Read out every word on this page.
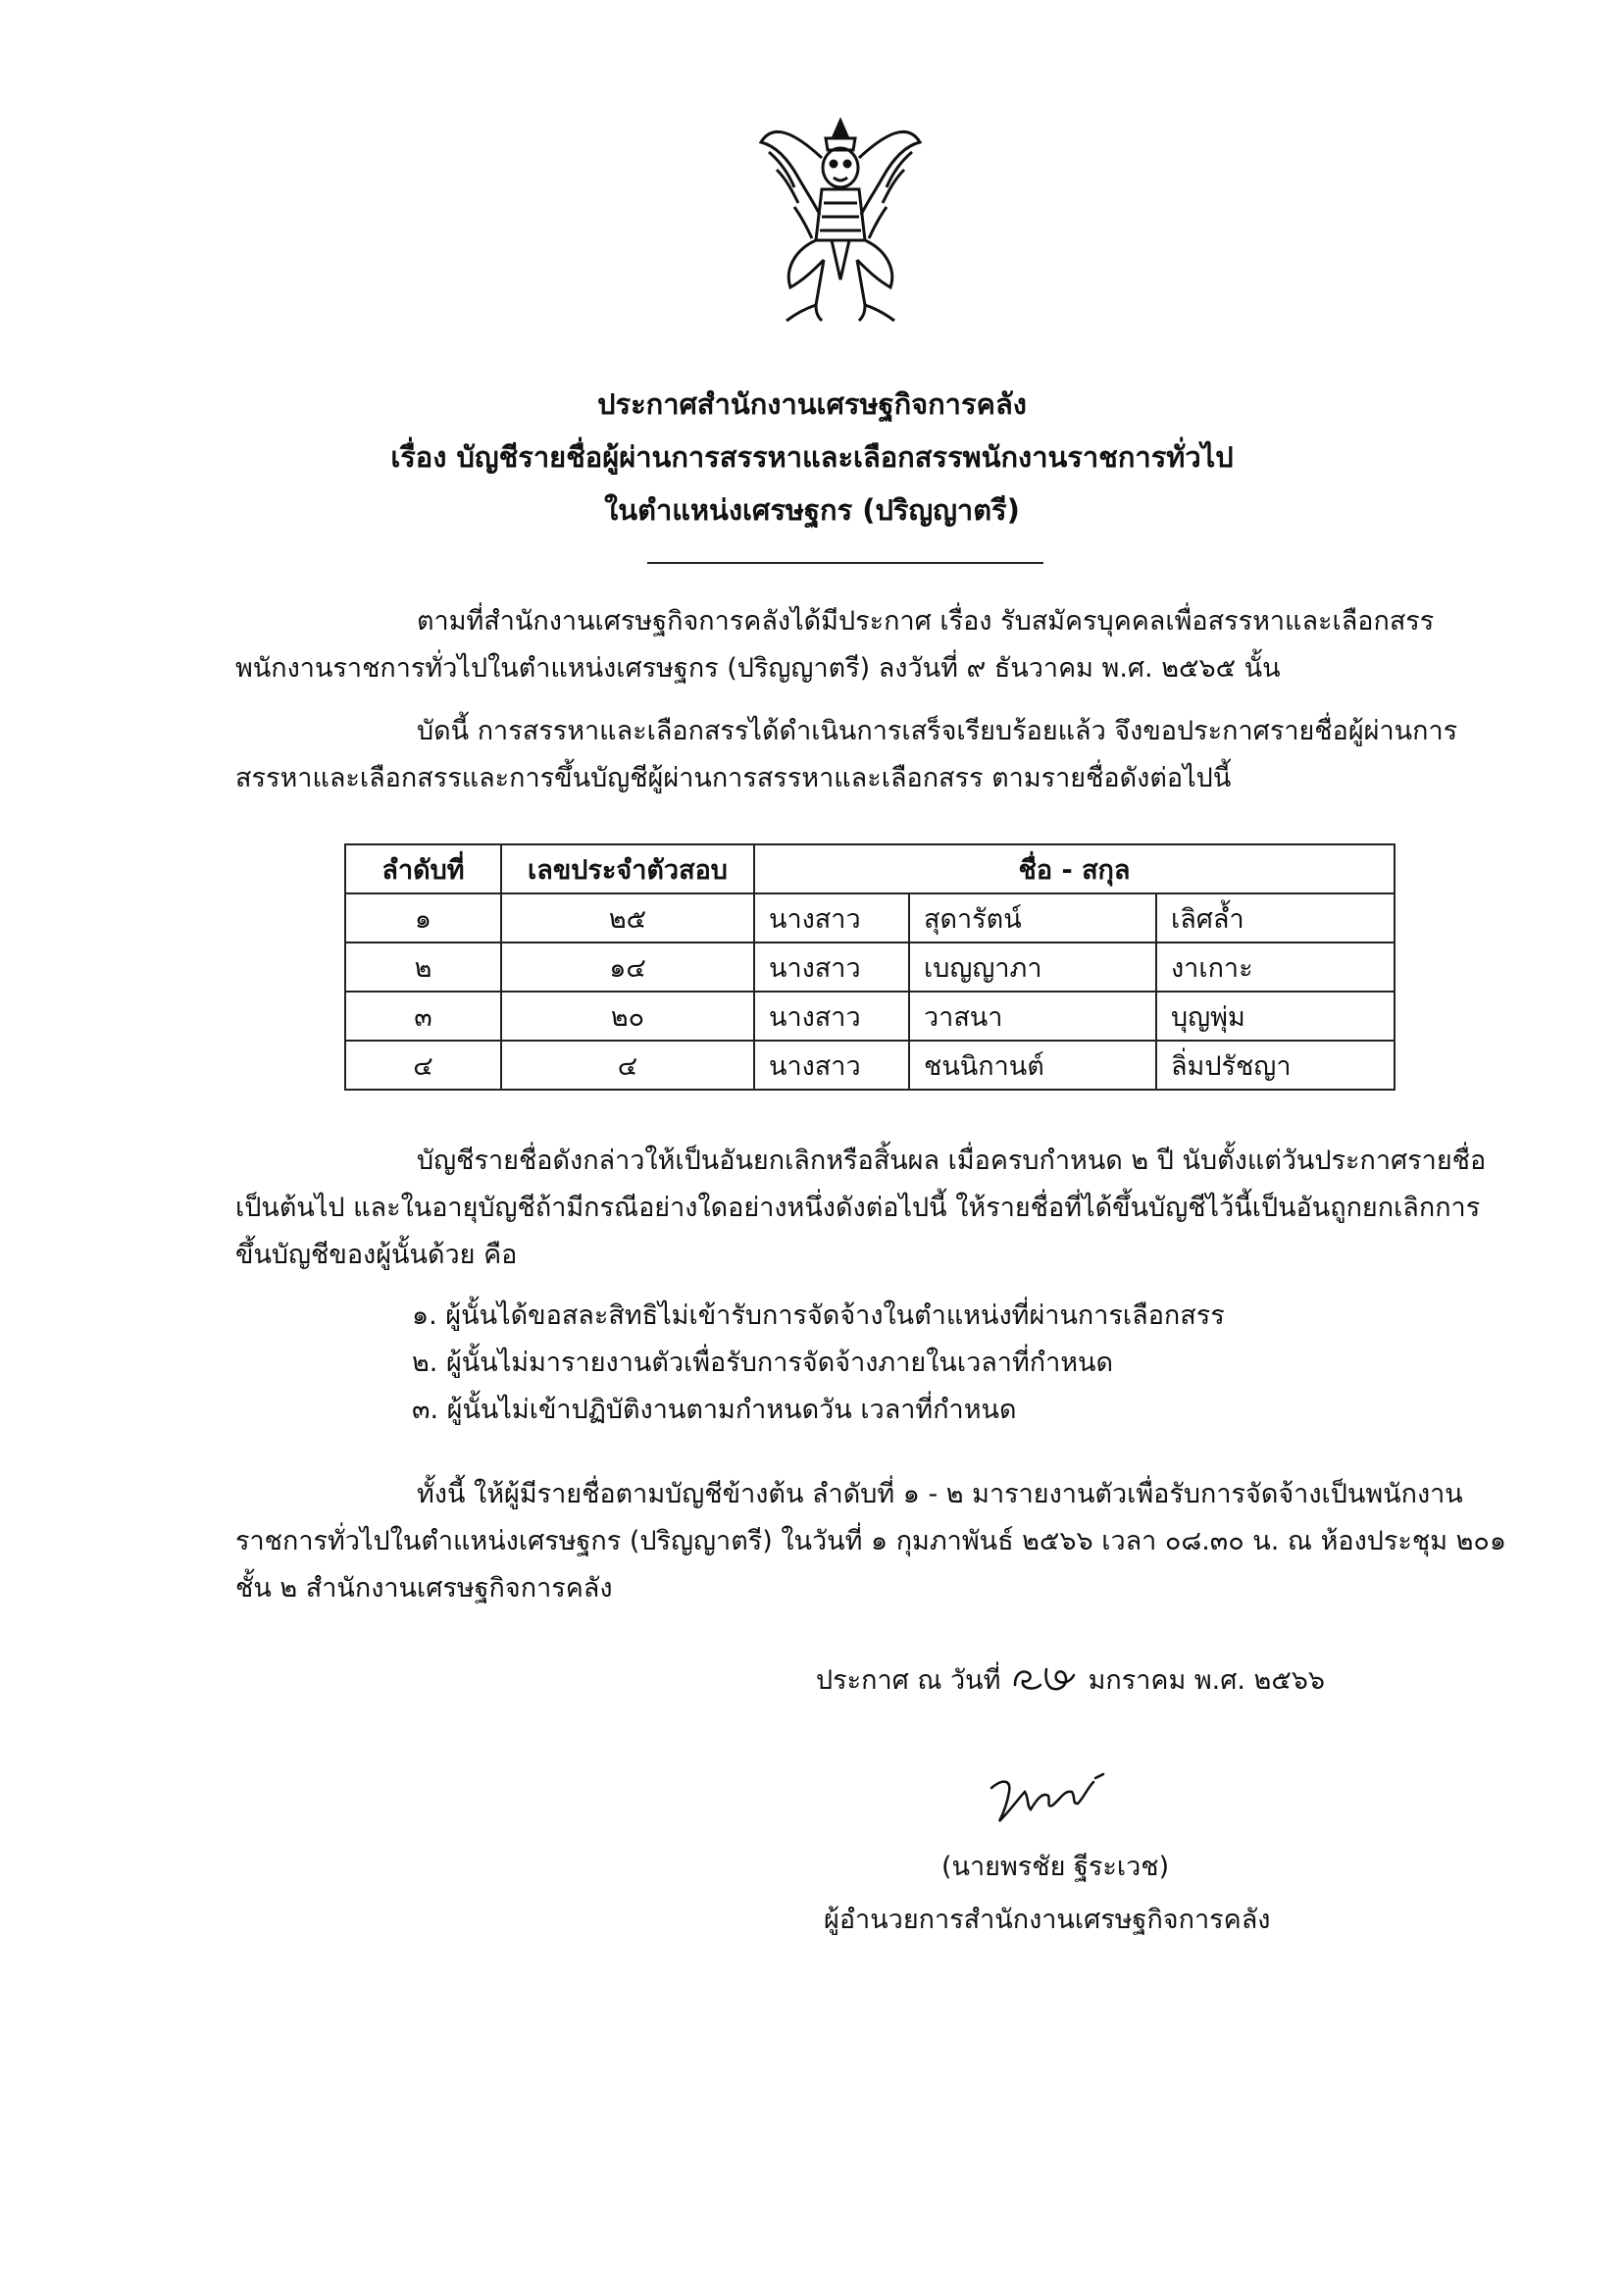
ประกาศสำนักงานเศรษฐกิจการคลัง
เรื่อง บัญชีรายชื่อผู้ผ่านการสรรหาและเลือกสรรพนักงานราชการทั่วไป
ในตำแหน่งเศรษฐกร (ปริญญาตรี)
ตามที่สำนักงานเศรษฐกิจการคลังได้มีประกาศ เรื่อง รับสมัครบุคคลเพื่อสรรหาและเลือกสรรพนักงานราชการทั่วไปในตำแหน่งเศรษฐกร (ปริญญาตรี) ลงวันที่ ๙ ธันวาคม พ.ศ. ๒๕๖๕ นั้น
บัดนี้ การสรรหาและเลือกสรรได้ดำเนินการเสร็จเรียบร้อยแล้ว จึงขอประกาศรายชื่อผู้ผ่านการสรรหาและเลือกสรรและการขึ้นบัญชีผู้ผ่านการสรรหาและเลือกสรร ตามรายชื่อดังต่อไปนี้
ลำดับที่	เลขประจำตัวสอบ	ชื่อ - สกุล		
๑	๒๕	นางสาว	สุดารัตน์	เลิศล้ำ
๒	๑๔	นางสาว	เบญญาภา	งาเกาะ
๓	๒๐	นางสาว	วาสนา	บุญพุ่ม
๔	๔	นางสาว	ชนนิกานต์	ลิ่มปรัชญา
บัญชีรายชื่อดังกล่าวให้เป็นอันยกเลิกหรือสิ้นผล เมื่อครบกำหนด ๒ ปี นับตั้งแต่วันประกาศรายชื่อเป็นต้นไป และในอายุบัญชีถ้ามีกรณีอย่างใดอย่างหนึ่งดังต่อไปนี้ ให้รายชื่อที่ได้ขึ้นบัญชีไว้นี้เป็นอันถูกยกเลิกการขึ้นบัญชีของผู้นั้นด้วย คือ
๑. ผู้นั้นได้ขอสละสิทธิไม่เข้ารับการจัดจ้างในตำแหน่งที่ผ่านการเลือกสรร
๒. ผู้นั้นไม่มารายงานตัวเพื่อรับการจัดจ้างภายในเวลาที่กำหนด
๓. ผู้นั้นไม่เข้าปฏิบัติงานตามกำหนดวัน เวลาที่กำหนด
ทั้งนี้ ให้ผู้มีรายชื่อตามบัญชีข้างต้น ลำดับที่ ๑ - ๒ มารายงานตัวเพื่อรับการจัดจ้างเป็นพนักงานราชการทั่วไปในตำแหน่งเศรษฐกร (ปริญญาตรี) ในวันที่ ๑ กุมภาพันธ์ ๒๕๖๖ เวลา ๐๘.๓๐ น. ณ ห้องประชุม ๒๐๑ ชั้น ๒ สำนักงานเศรษฐกิจการคลัง
ประกาศ ณ วันที่	มกราคม พ.ศ. ๒๕๖๖
(นายพรชัย ฐีระเวช)
ผู้อำนวยการสำนักงานเศรษฐกิจการคลัง
